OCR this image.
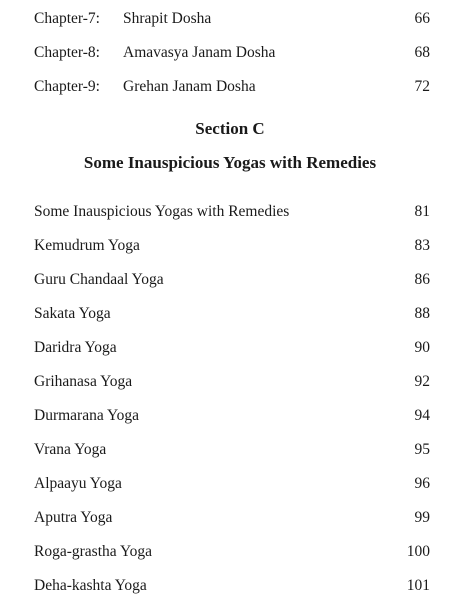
Chapter-7:	Shrapit Dosha	66
Chapter-8:	Amavasya Janam Dosha	68
Chapter-9:	Grehan Janam Dosha	72
Section C
Some Inauspicious Yogas with Remedies
Some Inauspicious Yogas with Remedies	81
Kemudrum Yoga	83
Guru Chandaal Yoga	86
Sakata Yoga	88
Daridra Yoga	90
Grihanasa Yoga	92
Durmarana Yoga	94
Vrana Yoga	95
Alpaayu Yoga	96
Aputra Yoga	99
Roga-grastha Yoga	100
Deha-kashta Yoga	101
